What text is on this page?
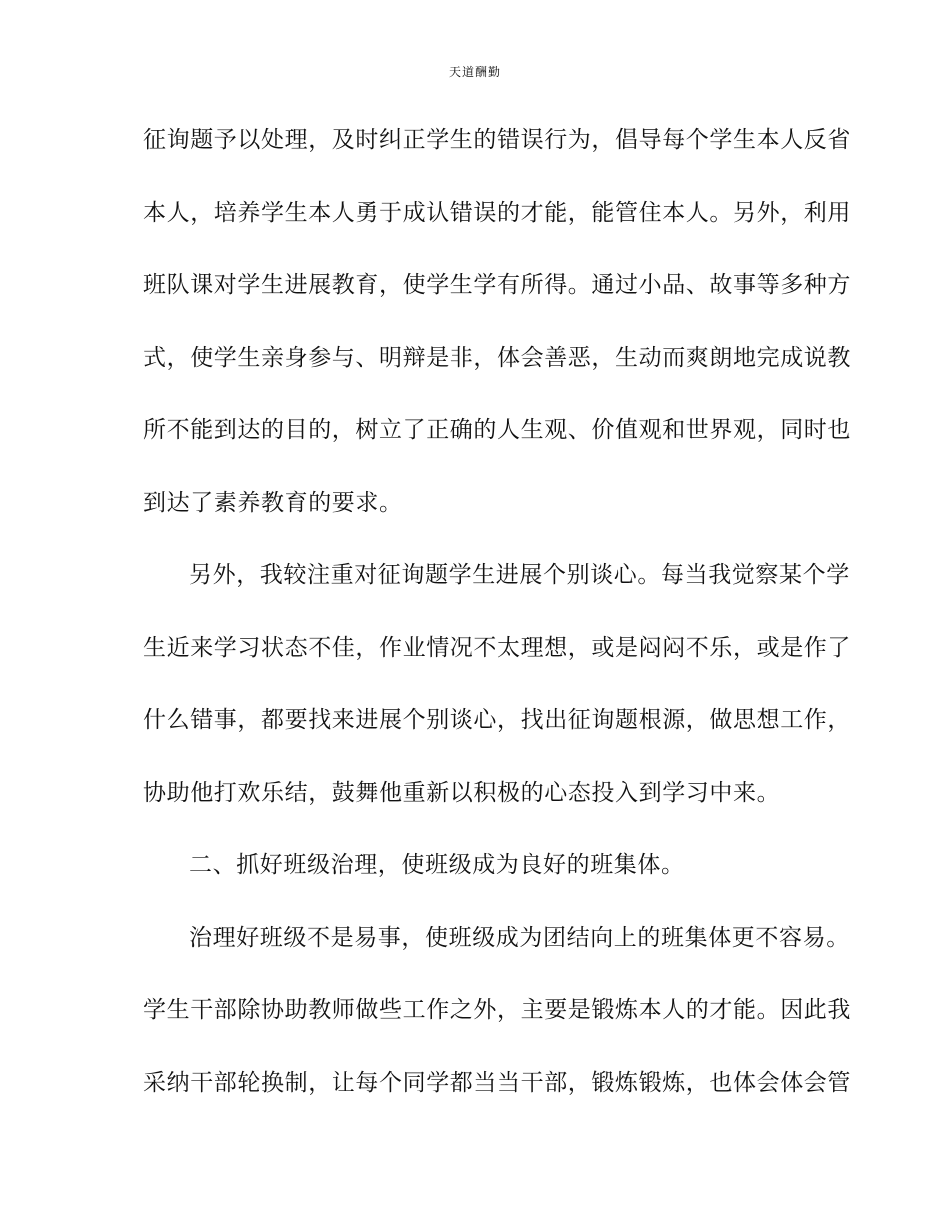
天道酬勤
征询题予以处理，及时纠正学生的错误行为，倡导每个学生本人反省
本人，培养学生本人勇于成认错误的才能，能管住本人。另外，利用
班队课对学生进展教育，使学生学有所得。通过小品、故事等多种方
式，使学生亲身参与、明辩是非，体会善恶，生动而爽朗地完成说教
所不能到达的目的，树立了正确的人生观、价值观和世界观，同时也
到达了素养教育的要求。
另外，我较注重对征询题学生进展个别谈心。每当我觉察某个学
生近来学习状态不佳，作业情况不太理想，或是闷闷不乐，或是作了
什么错事，都要找来进展个别谈心，找出征询题根源，做思想工作，
协助他打欢乐结，鼓舞他重新以积极的心态投入到学习中来。
二、抓好班级治理，使班级成为良好的班集体。
治理好班级不是易事，使班级成为团结向上的班集体更不容易。
学生干部除协助教师做些工作之外，主要是锻炼本人的才能。因此我
采纳干部轮换制，让每个同学都当当干部，锻炼锻炼，也体会体会管
